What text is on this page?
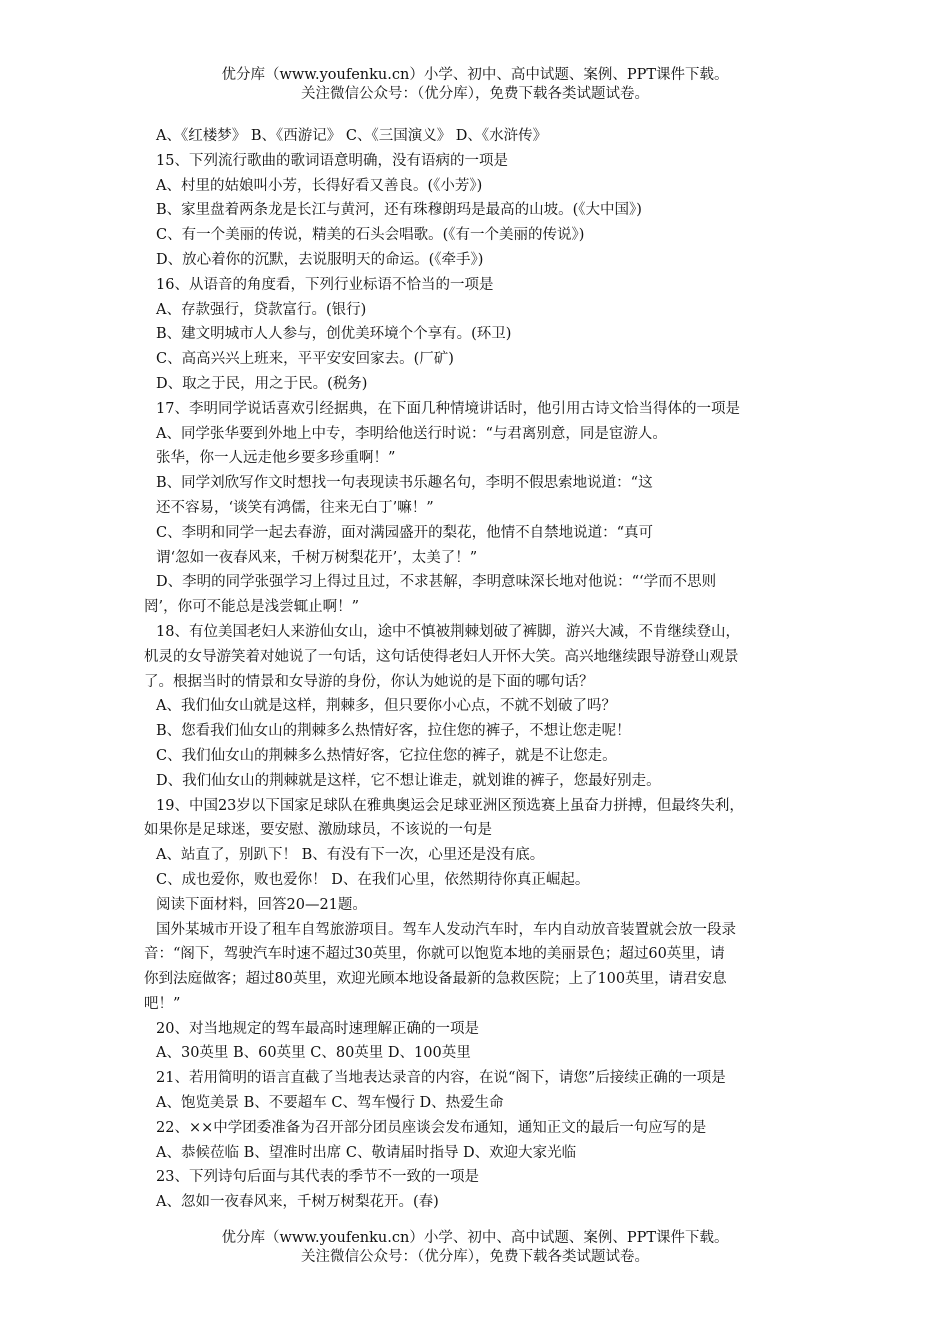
优分库（www.youfenku.cn）小学、初中、高中试题、案例、PPT课件下载。
关注微信公众号：（优分库），免费下载各类试题试卷。
A、《红楼梦》 B、《西游记》 C、《三国演义》 D、《水浒传》
15、下列流行歌曲的歌词语意明确，没有语病的一项是
A、村里的姑娘叫小芳，长得好看又善良。(《小芳》)
B、家里盘着两条龙是长江与黄河，还有珠穆朗玛是最高的山坡。(《大中国》)
C、有一个美丽的传说，精美的石头会唱歌。(《有一个美丽的传说》)
D、放心着你的沉默，去说服明天的命运。(《牵手》)
16、从语音的角度看，下列行业标语不恰当的一项是
A、存款强行，贷款富行。(银行)
B、建文明城市人人参与，创优美环境个个享有。(环卫)
C、高高兴兴上班来，平平安安回家去。(厂矿)
D、取之于民，用之于民。(税务)
17、李明同学说话喜欢引经据典，在下面几种情境讲话时，他引用古诗文恰当得体的一项是
A、同学张华要到外地上中专，李明给他送行时说：“与君离别意，同是宦游人。
张华，你一人远走他乡要多珍重啊！”
B、同学刘欣写作文时想找一句表现读书乐趣名句，李明不假思索地说道：“这
还不容易，‘谈笑有鸿儒，往来无白丁’嘛！”
C、李明和同学一起去春游，面对满园盛开的梨花，他情不自禁地说道：“真可
谓‘忽如一夜春风来，千树万树梨花开’，太美了！”
D、李明的同学张强学习上得过且过，不求甚解，李明意味深长地对他说：“‘学而不思则
罔’，你可不能总是浅尝辄止啊！”
18、有位美国老妇人来游仙女山，途中不慎被荆棘划破了裤脚，游兴大减，不肯继续登山，
机灵的女导游笑着对她说了一句话，这句话使得老妇人开怀大笑。高兴地继续跟导游登山观景
了。根据当时的情景和女导游的身份，你认为她说的是下面的哪句话？
A、我们仙女山就是这样，荆棘多，但只要你小心点，不就不划破了吗？
B、您看我们仙女山的荆棘多么热情好客，拉住您的裤子，不想让您走呢！
C、我们仙女山的荆棘多么热情好客，它拉住您的裤子，就是不让您走。
D、我们仙女山的荆棘就是这样，它不想让谁走，就划谁的裤子，您最好别走。
19、中国23岁以下国家足球队在雅典奥运会足球亚洲区预选赛上虽奋力拼搏，但最终失利，
如果你是足球迷，要安慰、激励球员，不该说的一句是
A、站直了，别趴下！ B、有没有下一次，心里还是没有底。
C、成也爱你，败也爱你！ D、在我们心里，依然期待你真正崛起。
阅读下面材料，回答20—21题。
国外某城市开设了租车自驾旅游项目。驾车人发动汽车时，车内自动放音装置就会放一段录
音：“阁下，驾驶汽车时速不超过30英里，你就可以饱览本地的美丽景色；超过60英里，请
你到法庭做客；超过80英里，欢迎光顾本地设备最新的急救医院；上了100英里，请君安息
吧！”
20、对当地规定的驾车最高时速理解正确的一项是
A、30英里 B、60英里 C、80英里 D、100英里
21、若用简明的语言直截了当地表达录音的内容，在说“阁下，请您”后接续正确的一项是
A、饱览美景 B、不要超车 C、驾车慢行 D、热爱生命
22、××中学团委准备为召开部分团员座谈会发布通知，通知正文的最后一句应写的是
A、恭候莅临 B、望准时出席 C、敬请届时指导 D、欢迎大家光临
23、下列诗句后面与其代表的季节不一致的一项是
A、忽如一夜春风来，千树万树梨花开。(春)
优分库（www.youfenku.cn）小学、初中、高中试题、案例、PPT课件下载。
关注微信公众号：（优分库），免费下载各类试题试卷。
